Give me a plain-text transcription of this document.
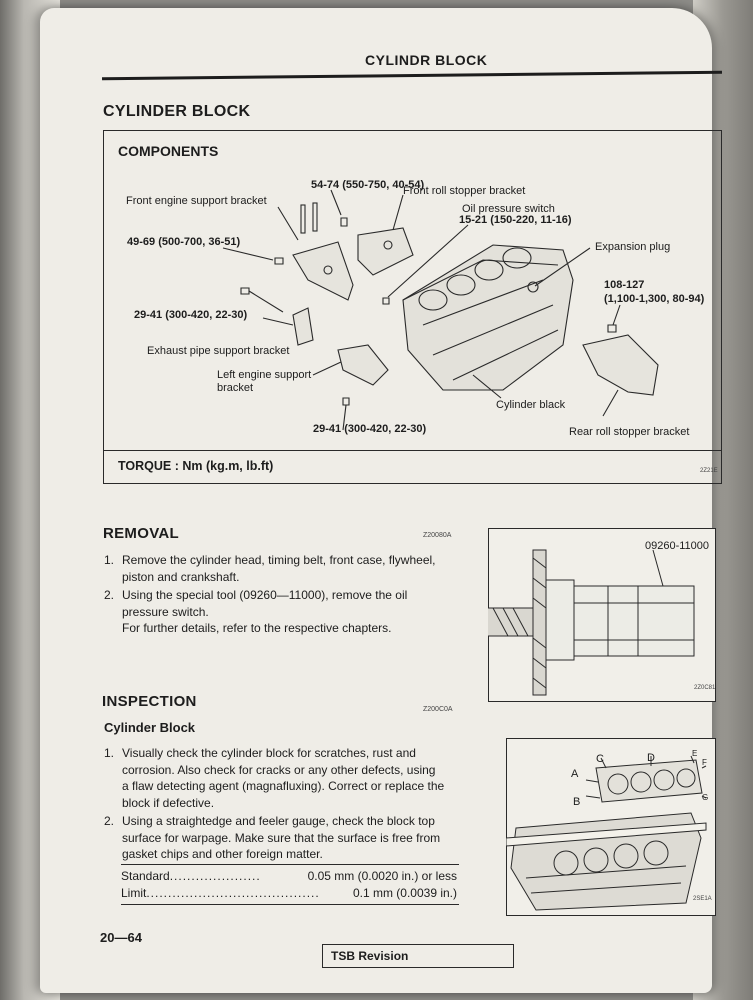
CYLINDR BLOCK
CYLINDER BLOCK
COMPONENTS
Front engine support bracket
54-74 (550-750, 40-54)
Front roll stopper bracket
Oil pressure switch
15-21 (150-220, 11-16)
49-69 (500-700, 36-51)	Expansion plug
108-127
(1,100-1,300, 80-94)
29-41 (300-420, 22-30)
Exhaust pipe support bracket
Left engine support
bracket
Cylinder black
Rear roll stopper bracket
29-41 (300-420, 22-30)
TORQUE : Nm (kg.m, lb.ft)	2Z21E
REMOVAL	Z20080A
1. Remove the cylinder head, timing belt, front case, flywheel,
piston and crankshaft.
2. Using the special tool (09260—11000), remove the oil
pressure switch.
For further details, refer to the respective chapters.
09260-11000
2Z0C81
INSPECTION	Z200C0A
Cylinder Block
1. Visually check the cylinder block for scratches, rust and
corrosion. Also check for cracks or any other defects, using
a flaw detecting agent (magnafluxing). Correct or replace the
block if defective.
2. Using a straightedge and feeler gauge, check the block top
surface for warpage. Make sure that the surface is free from
gasket chips and other foreign matter.
Standard.....................	0.05 mm (0.0020 in.) or less
Limit........................................	0.1 mm (0.0039 in.)
A
B
C	D	E
F
G
2SE1A
20—64
TSB Revision
